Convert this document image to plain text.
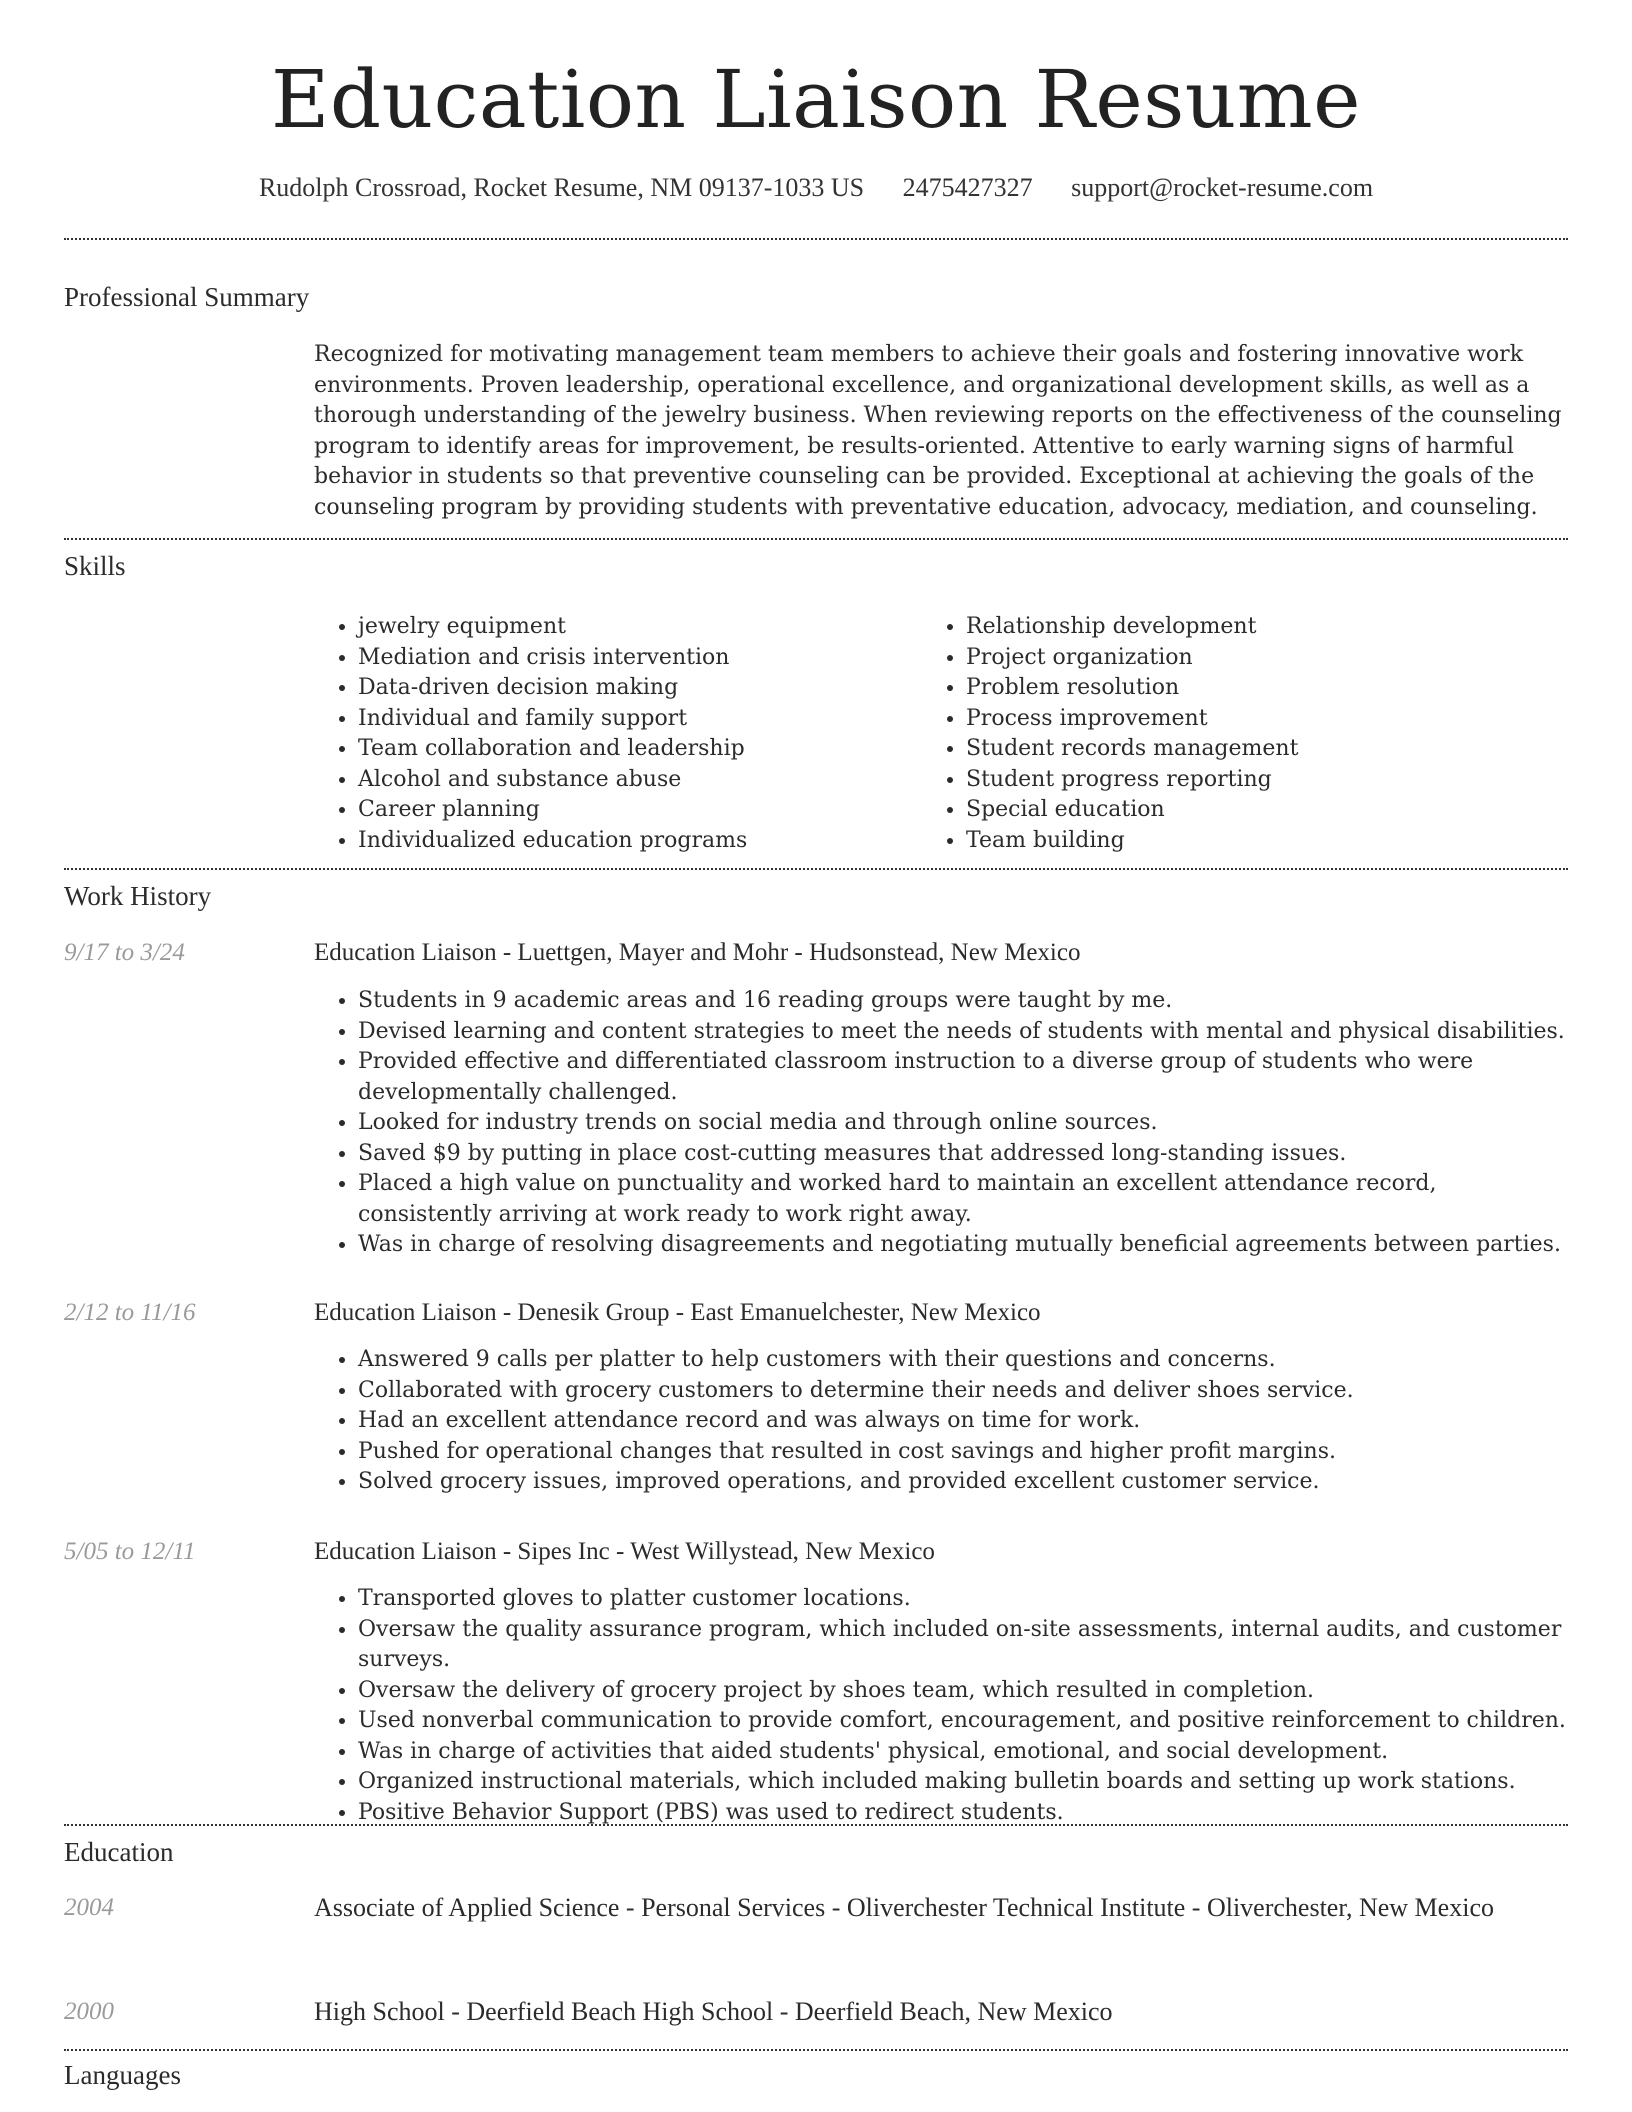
Education Liaison Resume
Rudolph Crossroad, Rocket Resume, NM 09137-1033 US 2475427327 support@rocket-resume.com
Professional Summary
Recognized for motivating management team members to achieve their goals and fostering innovative work environments. Proven leadership, operational excellence, and organizational development skills, as well as a thorough understanding of the jewelry business. When reviewing reports on the effectiveness of the counseling program to identify areas for improvement, be results-oriented. Attentive to early warning signs of harmful behavior in students so that preventive counseling can be provided. Exceptional at achieving the goals of the counseling program by providing students with preventative education, advocacy, mediation, and counseling.
Skills
• jewelry equipment
• Mediation and crisis intervention
• Data-driven decision making
• Individual and family support
• Team collaboration and leadership
• Alcohol and substance abuse
• Career planning
• Individualized education programs
• Relationship development
• Project organization
• Problem resolution
• Process improvement
• Student records management
• Student progress reporting
• Special education
• Team building
Work History
9/17 to 3/24	Education Liaison - Luettgen, Mayer and Mohr - Hudsonstead, New Mexico
• Students in 9 academic areas and 16 reading groups were taught by me.
• Devised learning and content strategies to meet the needs of students with mental and physical disabilities.
• Provided effective and differentiated classroom instruction to a diverse group of students who were developmentally challenged.
• Looked for industry trends on social media and through online sources.
• Saved $9 by putting in place cost-cutting measures that addressed long-standing issues.
• Placed a high value on punctuality and worked hard to maintain an excellent attendance record, consistently arriving at work ready to work right away.
• Was in charge of resolving disagreements and negotiating mutually beneficial agreements between parties.
2/12 to 11/16	Education Liaison - Denesik Group - East Emanuelchester, New Mexico
• Answered 9 calls per platter to help customers with their questions and concerns.
• Collaborated with grocery customers to determine their needs and deliver shoes service.
• Had an excellent attendance record and was always on time for work.
• Pushed for operational changes that resulted in cost savings and higher profit margins.
• Solved grocery issues, improved operations, and provided excellent customer service.
5/05 to 12/11	Education Liaison - Sipes Inc - West Willystead, New Mexico
• Transported gloves to platter customer locations.
• Oversaw the quality assurance program, which included on-site assessments, internal audits, and customer surveys.
• Oversaw the delivery of grocery project by shoes team, which resulted in completion.
• Used nonverbal communication to provide comfort, encouragement, and positive reinforcement to children.
• Was in charge of activities that aided students' physical, emotional, and social development.
• Organized instructional materials, which included making bulletin boards and setting up work stations.
• Positive Behavior Support (PBS) was used to redirect students.
Education
2004	Associate of Applied Science - Personal Services - Oliverchester Technical Institute - Oliverchester, New Mexico
2000	High School - Deerfield Beach High School - Deerfield Beach, New Mexico
Languages
